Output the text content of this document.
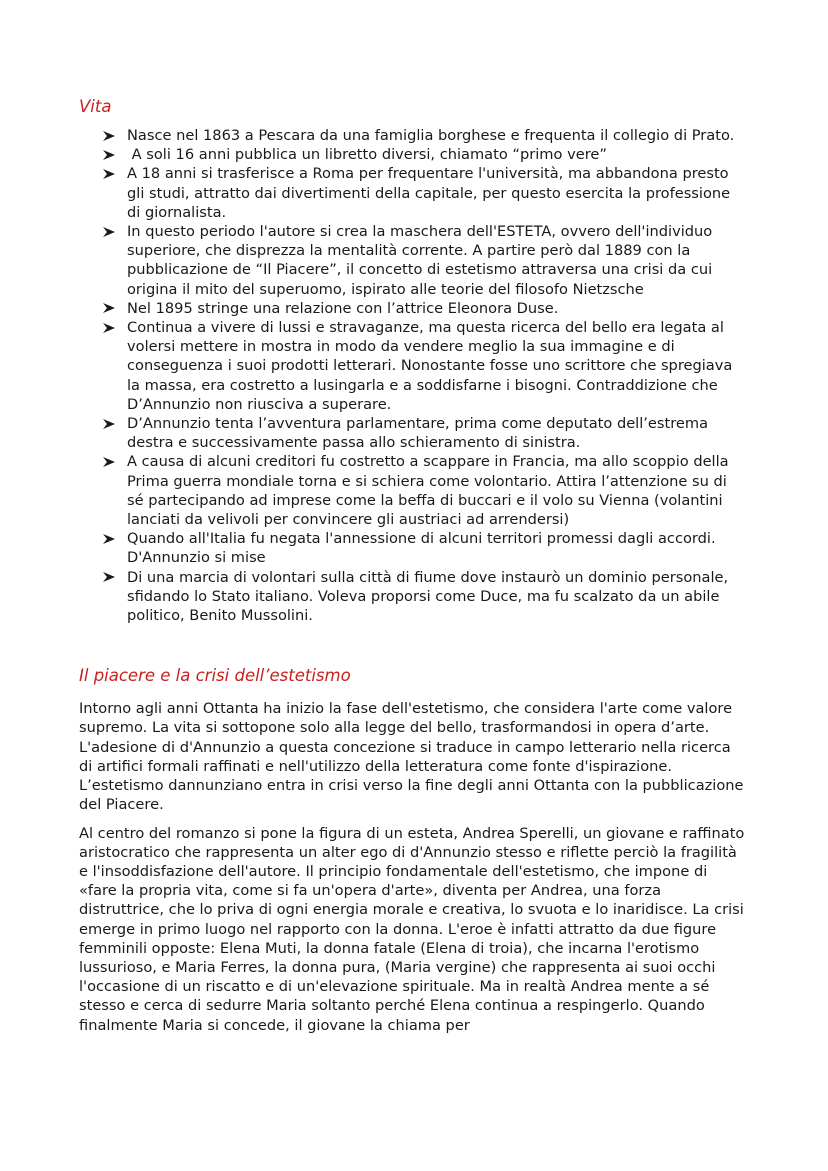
Vita
Nasce nel 1863 a Pescara da una famiglia borghese e frequenta il collegio di Prato.
A soli 16 anni pubblica un libretto diversi, chiamato “primo vere”
A 18 anni si trasferisce a Roma per frequentare l'università, ma abbandona presto gli studi, attratto dai divertimenti della capitale, per questo esercita la professione di giornalista.
In questo periodo l'autore si crea la maschera dell'ESTETA, ovvero dell'individuo superiore, che disprezza la mentalità corrente. A partire però dal 1889 con la pubblicazione de “Il Piacere”, il concetto di estetismo attraversa una crisi da cui origina il mito del superuomo, ispirato alle teorie del filosofo Nietzsche
Nel 1895 stringe una relazione con l’attrice Eleonora Duse.
Continua a vivere di lussi e stravaganze, ma questa ricerca del bello era legata al volersi mettere in mostra in modo da vendere meglio la sua immagine e di conseguenza i suoi prodotti letterari. Nonostante fosse uno scrittore che spregiava la massa, era costretto a lusingarla e a soddisfarne i bisogni. Contraddizione che D’Annunzio non riusciva a superare.
D’Annunzio tenta l’avventura parlamentare, prima come deputato dell’estrema destra e successivamente passa allo schieramento di sinistra.
A causa di alcuni creditori fu costretto a scappare in Francia, ma allo scoppio della Prima guerra mondiale torna e si schiera come volontario. Attira l’attenzione su di sé partecipando ad imprese come la beffa di buccari e il volo su Vienna (volantini lanciati da velivoli per convincere gli austriaci ad arrendersi)
Quando all'Italia fu negata l'annessione di alcuni territori promessi dagli accordi. D'Annunzio si mise
Di una marcia di volontari sulla città di fiume dove instaurò un dominio personale, sfidando lo Stato italiano. Voleva proporsi come Duce, ma fu scalzato da un abile politico, Benito Mussolini.
Il piacere e la crisi dell’estetismo

Intorno agli anni Ottanta ha inizio la fase dell'estetismo, che considera l'arte come valore supremo. La vita si sottopone solo alla legge del bello, trasformandosi in opera d’arte. L'adesione di d'Annunzio a questa concezione si traduce in campo letterario nella ricerca di artifici formali raffinati e nell'utilizzo della letteratura come fonte d'ispirazione. L’estetismo dannunziano entra in crisi verso la fine degli anni Ottanta con la pubblicazione del Piacere.

Al centro del romanzo si pone la figura di un esteta, Andrea Sperelli, un giovane e raffinato aristocratico che rappresenta un alter ego di d'Annunzio stesso e riflette perciò la fragilità e l'insoddisfazione dell'autore. Il principio fondamentale dell'estetismo, che impone di «fare la propria vita, come si fa un'opera d'arte», diventa per Andrea, una forza distruttrice, che lo priva di ogni energia morale e creativa, lo svuota e lo inaridisce. La crisi emerge in primo luogo nel rapporto con la donna. L'eroe è infatti attratto da due figure femminili opposte: Elena Muti, la donna fatale (Elena di troia), che incarna l'erotismo lussurioso, e Maria Ferres, la donna pura, (Maria vergine) che rappresenta ai suoi occhi l'occasione di un riscatto e di un'elevazione spirituale. Ma in realtà Andrea mente a sé stesso e cerca di sedurre Maria soltanto perché Elena continua a respingerlo. Quando finalmente Maria si concede, il giovane la chiama per
